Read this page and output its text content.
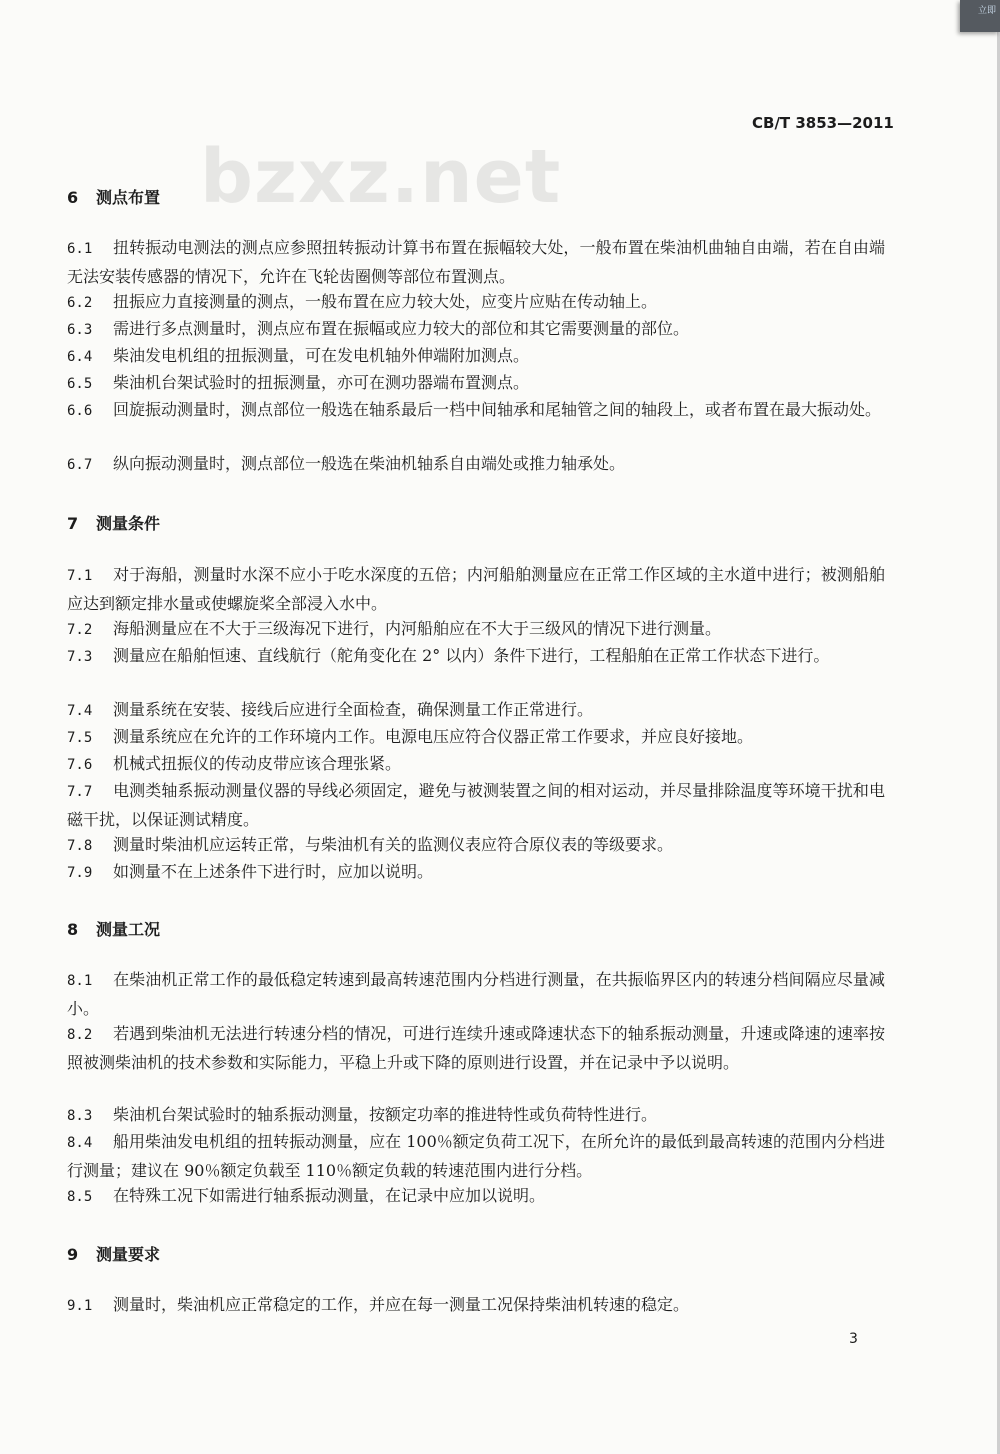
立即
bzxz.net
CB/T 3853—2011
6 测点布置
6.1 扭转振动电测法的测点应参照扭转振动计算书布置在振幅较大处，一般布置在柴油机曲轴自由端，若在自由端无法安装传感器的情况下，允许在飞轮齿圈侧等部位布置测点。
6.2 扭振应力直接测量的测点，一般布置在应力较大处，应变片应贴在传动轴上。
6.3 需进行多点测量时，测点应布置在振幅或应力较大的部位和其它需要测量的部位。
6.4 柴油发电机组的扭振测量，可在发电机轴外伸端附加测点。
6.5 柴油机台架试验时的扭振测量，亦可在测功器端布置测点。
6.6 回旋振动测量时，测点部位一般选在轴系最后一档中间轴承和尾轴管之间的轴段上，或者布置在最大振动处。
6.7 纵向振动测量时，测点部位一般选在柴油机轴系自由端处或推力轴承处。
7 测量条件
7.1 对于海船，测量时水深不应小于吃水深度的五倍；内河船舶测量应在正常工作区域的主水道中进行；被测船舶应达到额定排水量或使螺旋桨全部浸入水中。
7.2 海船测量应在不大于三级海况下进行，内河船舶应在不大于三级风的情况下进行测量。
7.3 测量应在船舶恒速、直线航行（舵角变化在 2° 以内）条件下进行，工程船舶在正常工作状态下进行。
7.4 测量系统在安装、接线后应进行全面检查，确保测量工作正常进行。
7.5 测量系统应在允许的工作环境内工作。电源电压应符合仪器正常工作要求，并应良好接地。
7.6 机械式扭振仪的传动皮带应该合理张紧。
7.7 电测类轴系振动测量仪器的导线必须固定，避免与被测装置之间的相对运动，并尽量排除温度等环境干扰和电磁干扰，以保证测试精度。
7.8 测量时柴油机应运转正常，与柴油机有关的监测仪表应符合原仪表的等级要求。
7.9 如测量不在上述条件下进行时，应加以说明。
8 测量工况
8.1 在柴油机正常工作的最低稳定转速到最高转速范围内分档进行测量，在共振临界区内的转速分档间隔应尽量减小。
8.2 若遇到柴油机无法进行转速分档的情况，可进行连续升速或降速状态下的轴系振动测量，升速或降速的速率按照被测柴油机的技术参数和实际能力，平稳上升或下降的原则进行设置，并在记录中予以说明。
8.3 柴油机台架试验时的轴系振动测量，按额定功率的推进特性或负荷特性进行。
8.4 船用柴油发电机组的扭转振动测量，应在 100％额定负荷工况下，在所允许的最低到最高转速的范围内分档进行测量；建议在 90％额定负载至 110％额定负载的转速范围内进行分档。
8.5 在特殊工况下如需进行轴系振动测量，在记录中应加以说明。
9 测量要求
9.1 测量时，柴油机应正常稳定的工作，并应在每一测量工况保持柴油机转速的稳定。
3
